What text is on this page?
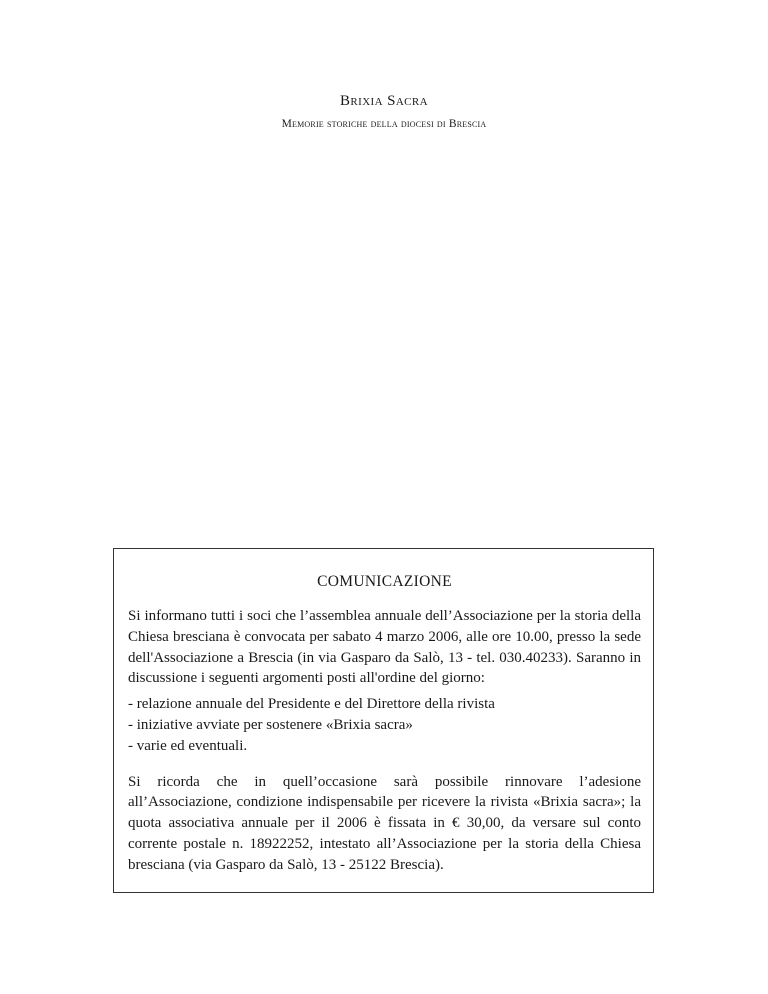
Brixia Sacra
Memorie storiche della diocesi di Brescia
COMUNICAZIONE
Si informano tutti i soci che l’assemblea annuale dell’Associazione per la storia della Chiesa bresciana è convocata per sabato 4 marzo 2006, alle ore 10.00, presso la sede dell'Associazione a Brescia (in via Gasparo da Salò, 13 - tel. 030.40233). Saranno in discussione i seguenti argomenti posti all'ordine del giorno:
- relazione annuale del Presidente e del Direttore della rivista
- iniziative avviate per sostenere «Brixia sacra»
- varie ed eventuali.
Si ricorda che in quell’occasione sarà possibile rinnovare l’adesione all’Associazione, condizione indispensabile per ricevere la rivista «Brixia sacra»; la quota associativa annuale per il 2006 è fissata in € 30,00, da versare sul conto corrente postale n. 18922252, intestato all’Associazione per la storia della Chiesa bresciana (via Gasparo da Salò, 13 - 25122 Brescia).
